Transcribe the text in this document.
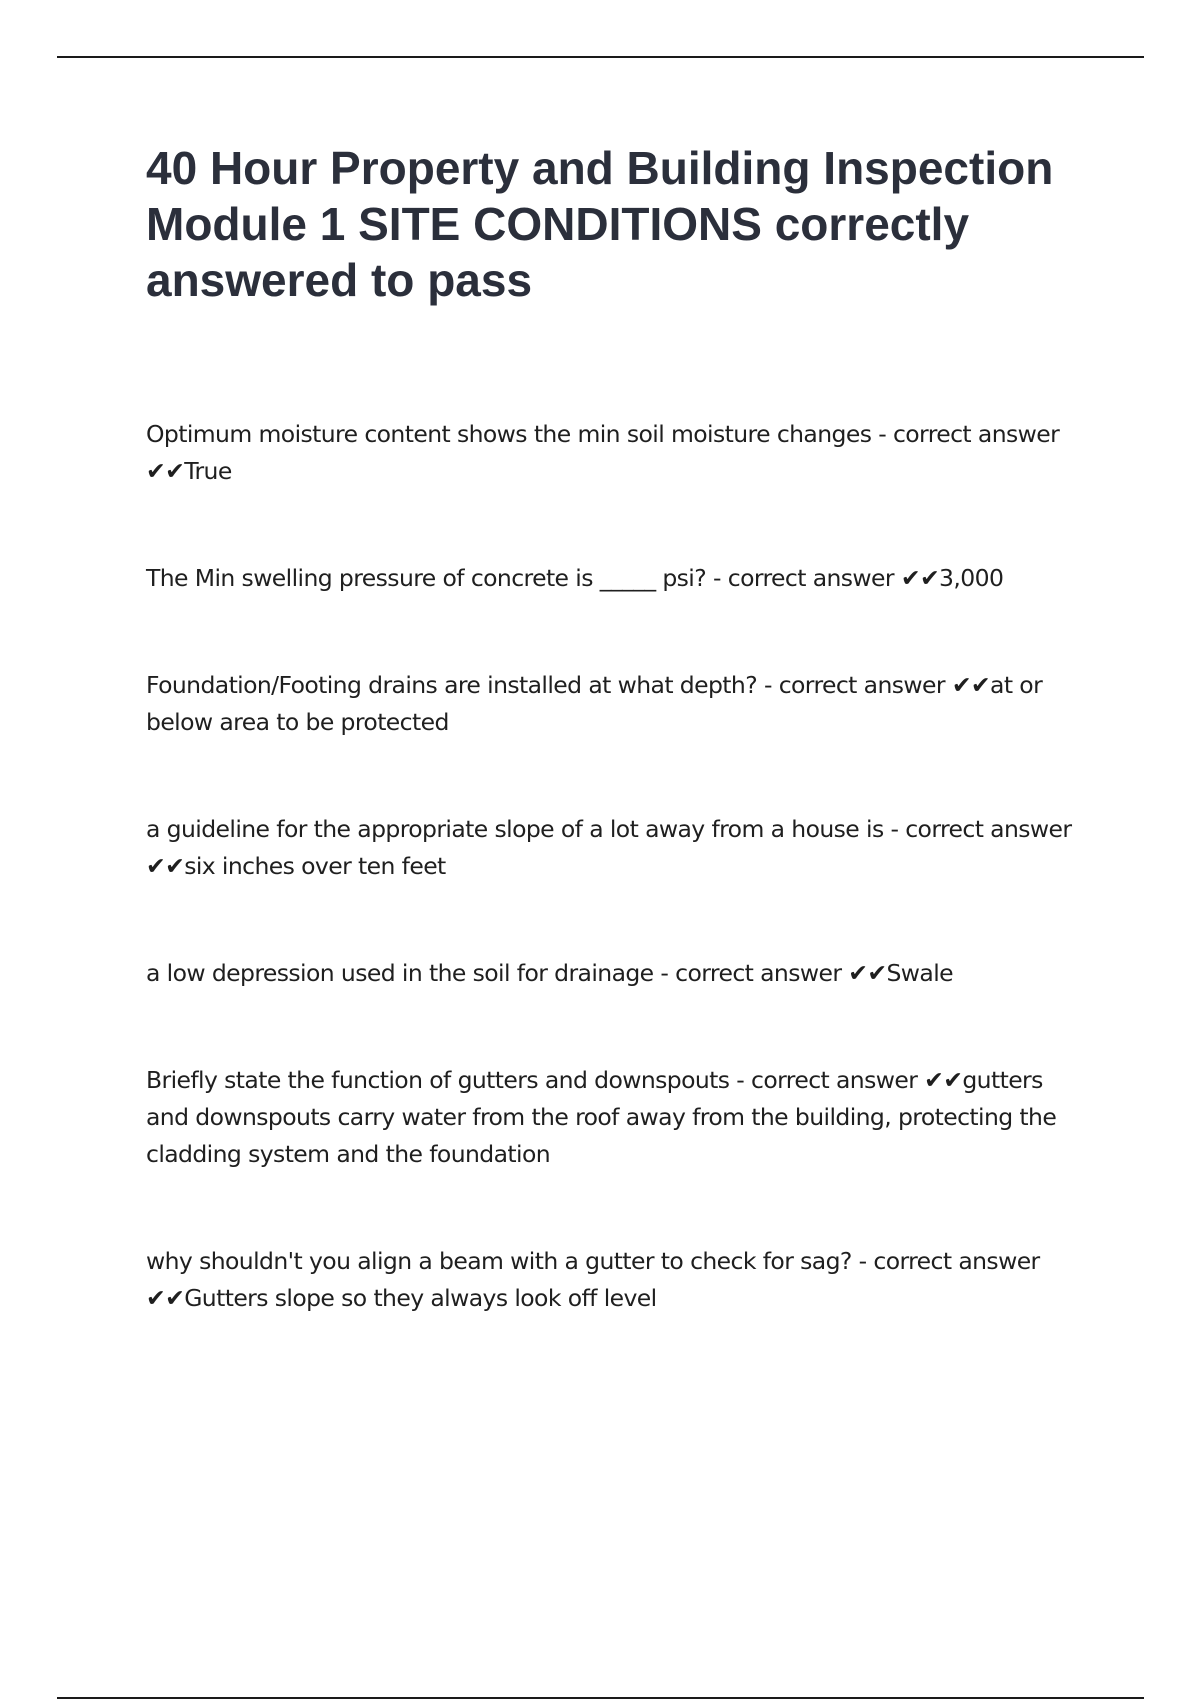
40 Hour Property and Building Inspection Module 1 SITE CONDITIONS correctly answered to pass
Optimum moisture content shows the min soil moisture changes - correct answer ✔✔True
The Min swelling pressure of concrete is _____ psi? - correct answer ✔✔3,000
Foundation/Footing drains are installed at what depth? - correct answer ✔✔at or below area to be protected
a guideline for the appropriate slope of a lot away from a house is - correct answer ✔✔six inches over ten feet
a low depression used in the soil for drainage - correct answer ✔✔Swale
Briefly state the function of gutters and downspouts - correct answer ✔✔gutters and downspouts carry water from the roof away from the building, protecting the cladding system and the foundation
why shouldn't you align a beam with a gutter to check for sag? - correct answer ✔✔Gutters slope so they always look off level
